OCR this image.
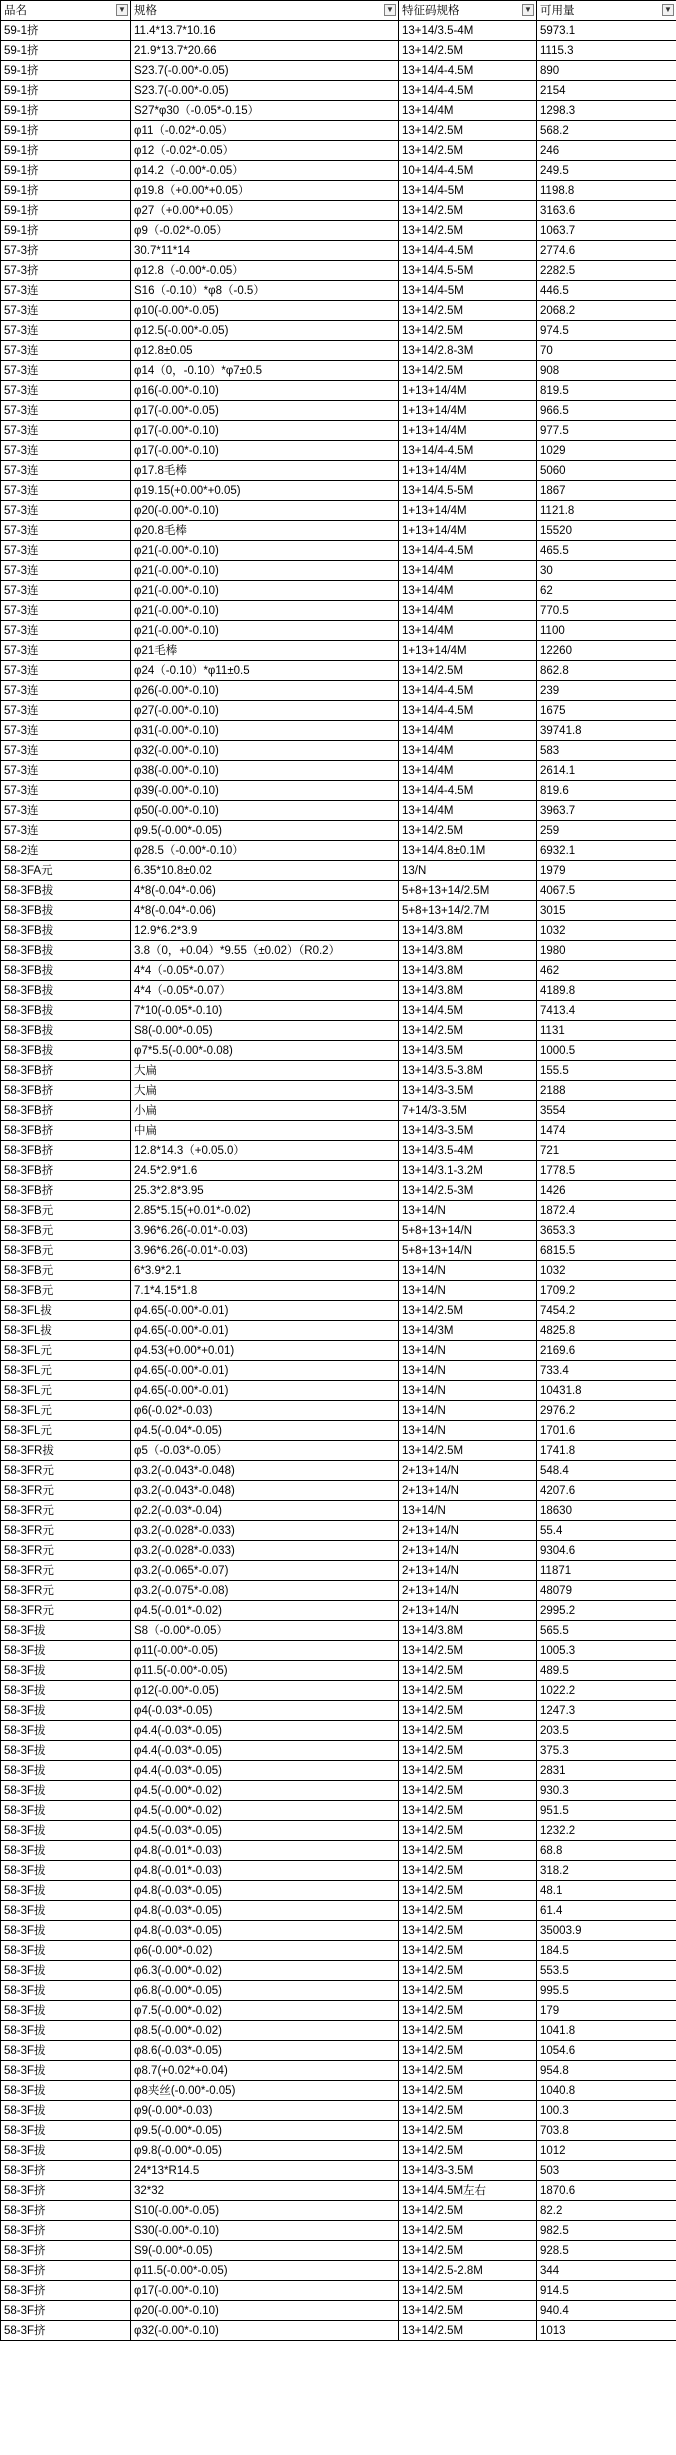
品名 ▼	规格 ▼	特征码规格 ▼	可用量 ▼

59-1挤	11.4*13.7*10.16	13+14/3.5-4M	5973.1
59-1挤	21.9*13.7*20.66	13+14/2.5M	1115.3
59-1挤	S23.7(-0.00*-0.05)	13+14/4-4.5M	890
59-1挤	S23.7(-0.00*-0.05)	13+14/4-4.5M	2154
59-1挤	S27*φ30（-0.05*-0.15）	13+14/4M	1298.3
59-1挤	φ11（-0.02*-0.05）	13+14/2.5M	568.2
59-1挤	φ12（-0.02*-0.05）	13+14/2.5M	246
59-1挤	φ14.2（-0.00*-0.05）	10+14/4-4.5M	249.5
59-1挤	φ19.8（+0.00*+0.05）	13+14/4-5M	1198.8
59-1挤	φ27（+0.00*+0.05）	13+14/2.5M	3163.6
59-1挤	φ9（-0.02*-0.05）	13+14/2.5M	1063.7
57-3挤	30.7*11*14	13+14/4-4.5M	2774.6
57-3挤	φ12.8（-0.00*-0.05）	13+14/4.5-5M	2282.5
57-3连	S16（-0.10）*φ8（-0.5）	13+14/4-5M	446.5
57-3连	φ10(-0.00*-0.05)	13+14/2.5M	2068.2
57-3连	φ12.5(-0.00*-0.05)	13+14/2.5M	974.5
57-3连	φ12.8±0.05	13+14/2.8-3M	70
57-3连	φ14（0，-0.10）*φ7±0.5	13+14/2.5M	908
57-3连	φ16(-0.00*-0.10)	1+13+14/4M	819.5
57-3连	φ17(-0.00*-0.05)	1+13+14/4M	966.5
57-3连	φ17(-0.00*-0.10)	1+13+14/4M	977.5
57-3连	φ17(-0.00*-0.10)	13+14/4-4.5M	1029
57-3连	φ17.8毛棒	1+13+14/4M	5060
57-3连	φ19.15(+0.00*+0.05)	13+14/4.5-5M	1867
57-3连	φ20(-0.00*-0.10)	1+13+14/4M	1121.8
57-3连	φ20.8毛棒	1+13+14/4M	15520
57-3连	φ21(-0.00*-0.10)	13+14/4-4.5M	465.5
57-3连	φ21(-0.00*-0.10)	13+14/4M	30
57-3连	φ21(-0.00*-0.10)	13+14/4M	62
57-3连	φ21(-0.00*-0.10)	13+14/4M	770.5
57-3连	φ21(-0.00*-0.10)	13+14/4M	1100
57-3连	φ21毛棒	1+13+14/4M	12260
57-3连	φ24（-0.10）*φ11±0.5	13+14/2.5M	862.8
57-3连	φ26(-0.00*-0.10)	13+14/4-4.5M	239
57-3连	φ27(-0.00*-0.10)	13+14/4-4.5M	1675
57-3连	φ31(-0.00*-0.10)	13+14/4M	39741.8
57-3连	φ32(-0.00*-0.10)	13+14/4M	583
57-3连	φ38(-0.00*-0.10)	13+14/4M	2614.1
57-3连	φ39(-0.00*-0.10)	13+14/4-4.5M	819.6
57-3连	φ50(-0.00*-0.10)	13+14/4M	3963.7
57-3连	φ9.5(-0.00*-0.05)	13+14/2.5M	259
58-2连	φ28.5（-0.00*-0.10）	13+14/4.8±0.1M	6932.1
58-3FA元	6.35*10.8±0.02	13/N	1979
58-3FB拔	4*8(-0.04*-0.06)	5+8+13+14/2.5M	4067.5
58-3FB拔	4*8(-0.04*-0.06)	5+8+13+14/2.7M	3015
58-3FB拔	12.9*6.2*3.9	13+14/3.8M	1032
58-3FB拔	3.8（0，+0.04）*9.55（±0.02）（R0.2）	13+14/3.8M	1980
58-3FB拔	4*4（-0.05*-0.07）	13+14/3.8M	462
58-3FB拔	4*4（-0.05*-0.07）	13+14/3.8M	4189.8
58-3FB拔	7*10(-0.05*-0.10)	13+14/4.5M	7413.4
58-3FB拔	S8(-0.00*-0.05)	13+14/2.5M	1131
58-3FB拔	φ7*5.5(-0.00*-0.08)	13+14/3.5M	1000.5
58-3FB挤	大扁	13+14/3.5-3.8M	155.5
58-3FB挤	大扁	13+14/3-3.5M	2188
58-3FB挤	小扁	7+14/3-3.5M	3554
58-3FB挤	中扁	13+14/3-3.5M	1474
58-3FB挤	12.8*14.3（+0.05.0）	13+14/3.5-4M	721
58-3FB挤	24.5*2.9*1.6	13+14/3.1-3.2M	1778.5
58-3FB挤	25.3*2.8*3.95	13+14/2.5-3M	1426
58-3FB元	2.85*5.15(+0.01*-0.02)	13+14/N	1872.4
58-3FB元	3.96*6.26(-0.01*-0.03)	5+8+13+14/N	3653.3
58-3FB元	3.96*6.26(-0.01*-0.03)	5+8+13+14/N	6815.5
58-3FB元	6*3.9*2.1	13+14/N	1032
58-3FB元	7.1*4.15*1.8	13+14/N	1709.2
58-3FL拔	φ4.65(-0.00*-0.01)	13+14/2.5M	7454.2
58-3FL拔	φ4.65(-0.00*-0.01)	13+14/3M	4825.8
58-3FL元	φ4.53(+0.00*+0.01)	13+14/N	2169.6
58-3FL元	φ4.65(-0.00*-0.01)	13+14/N	733.4
58-3FL元	φ4.65(-0.00*-0.01)	13+14/N	10431.8
58-3FL元	φ6(-0.02*-0.03)	13+14/N	2976.2
58-3FL元	φ4.5(-0.04*-0.05)	13+14/N	1701.6
58-3FR拔	φ5（-0.03*-0.05）	13+14/2.5M	1741.8
58-3FR元	φ3.2(-0.043*-0.048)	2+13+14/N	548.4
58-3FR元	φ3.2(-0.043*-0.048)	2+13+14/N	4207.6
58-3FR元	φ2.2(-0.03*-0.04)	13+14/N	18630
58-3FR元	φ3.2(-0.028*-0.033)	2+13+14/N	55.4
58-3FR元	φ3.2(-0.028*-0.033)	2+13+14/N	9304.6
58-3FR元	φ3.2(-0.065*-0.07)	2+13+14/N	11871
58-3FR元	φ3.2(-0.075*-0.08)	2+13+14/N	48079
58-3FR元	φ4.5(-0.01*-0.02)	2+13+14/N	2995.2
58-3F拔	S8（-0.00*-0.05）	13+14/3.8M	565.5
58-3F拔	φ11(-0.00*-0.05)	13+14/2.5M	1005.3
58-3F拔	φ11.5(-0.00*-0.05)	13+14/2.5M	489.5
58-3F拔	φ12(-0.00*-0.05)	13+14/2.5M	1022.2
58-3F拔	φ4(-0.03*-0.05)	13+14/2.5M	1247.3
58-3F拔	φ4.4(-0.03*-0.05)	13+14/2.5M	203.5
58-3F拔	φ4.4(-0.03*-0.05)	13+14/2.5M	375.3
58-3F拔	φ4.4(-0.03*-0.05)	13+14/2.5M	2831
58-3F拔	φ4.5(-0.00*-0.02)	13+14/2.5M	930.3
58-3F拔	φ4.5(-0.00*-0.02)	13+14/2.5M	951.5
58-3F拔	φ4.5(-0.03*-0.05)	13+14/2.5M	1232.2
58-3F拔	φ4.8(-0.01*-0.03)	13+14/2.5M	68.8
58-3F拔	φ4.8(-0.01*-0.03)	13+14/2.5M	318.2
58-3F拔	φ4.8(-0.03*-0.05)	13+14/2.5M	48.1
58-3F拔	φ4.8(-0.03*-0.05)	13+14/2.5M	61.4
58-3F拔	φ4.8(-0.03*-0.05)	13+14/2.5M	35003.9
58-3F拔	φ6(-0.00*-0.02)	13+14/2.5M	184.5
58-3F拔	φ6.3(-0.00*-0.02)	13+14/2.5M	553.5
58-3F拔	φ6.8(-0.00*-0.05)	13+14/2.5M	995.5
58-3F拔	φ7.5(-0.00*-0.02)	13+14/2.5M	179
58-3F拔	φ8.5(-0.00*-0.02)	13+14/2.5M	1041.8
58-3F拔	φ8.6(-0.03*-0.05)	13+14/2.5M	1054.6
58-3F拔	φ8.7(+0.02*+0.04)	13+14/2.5M	954.8
58-3F拔	φ8夹丝(-0.00*-0.05)	13+14/2.5M	1040.8
58-3F拔	φ9(-0.00*-0.03)	13+14/2.5M	100.3
58-3F拔	φ9.5(-0.00*-0.05)	13+14/2.5M	703.8
58-3F拔	φ9.8(-0.00*-0.05)	13+14/2.5M	1012
58-3F挤	24*13*R14.5	13+14/3-3.5M	503
58-3F挤	32*32	13+14/4.5M左右	1870.6
58-3F挤	S10(-0.00*-0.05)	13+14/2.5M	82.2
58-3F挤	S30(-0.00*-0.10)	13+14/2.5M	982.5
58-3F挤	S9(-0.00*-0.05)	13+14/2.5M	928.5
58-3F挤	φ11.5(-0.00*-0.05)	13+14/2.5-2.8M	344
58-3F挤	φ17(-0.00*-0.10)	13+14/2.5M	914.5
58-3F挤	φ20(-0.00*-0.10)	13+14/2.5M	940.4
58-3F挤	φ32(-0.00*-0.10)	13+14/2.5M	1013
